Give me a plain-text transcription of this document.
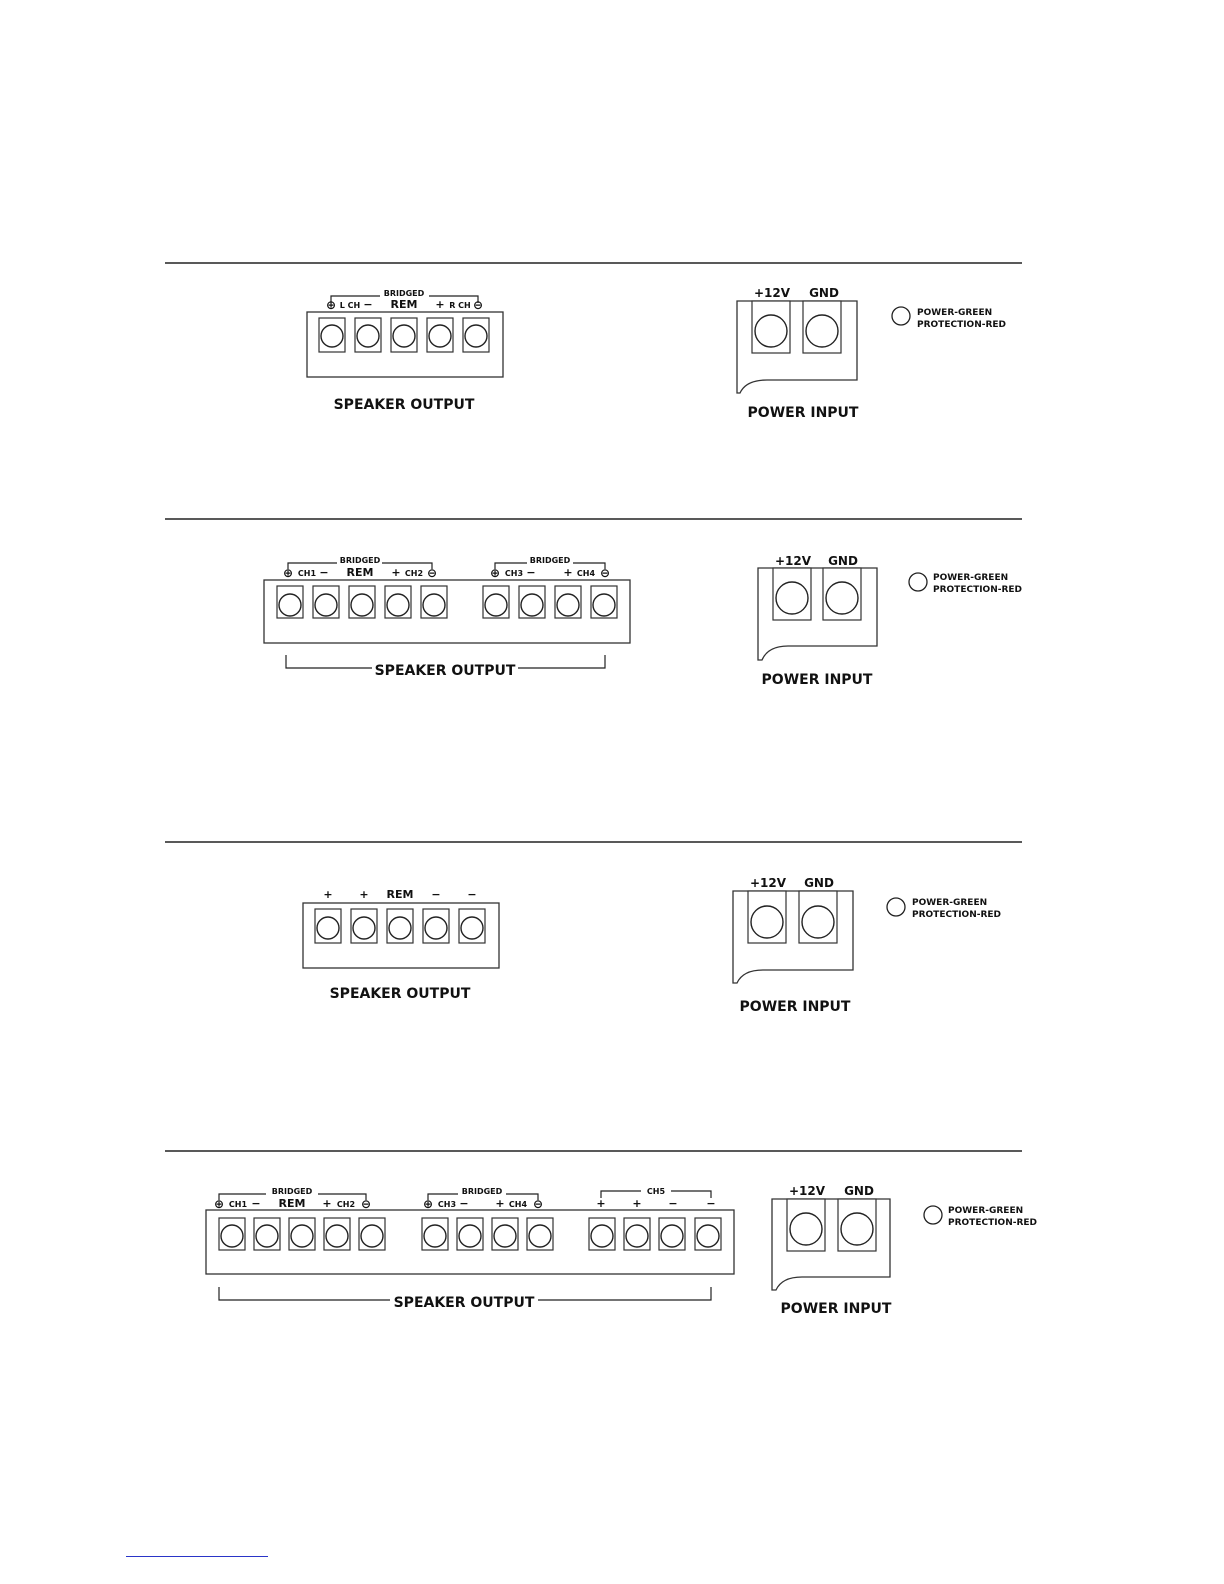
BRIDGED
⊕ L CH − REM + R CH ⊖
SPEAKER OUTPUT
+12V GND
POWER INPUT
POWER-GREEN
PROTECTION-RED
BRIDGED	BRIDGED
⊕ CH1 − REM + CH2 ⊖	⊕ CH3 −	+ CH4 ⊖
SPEAKER OUTPUT
+12V GND
POWER INPUT
POWER-GREEN
PROTECTION-RED
+ + REM − −
SPEAKER OUTPUT
+12V GND
POWER INPUT
POWER-GREEN
PROTECTION-RED
BRIDGED	BRIDGED	CH5
⊕ CH1 − REM + CH2 ⊖	⊕ CH3 − + CH4 ⊖	+ + −	−
SPEAKER OUTPUT
+12V GND
POWER INPUT
POWER-GREEN
PROTECTION-RED
